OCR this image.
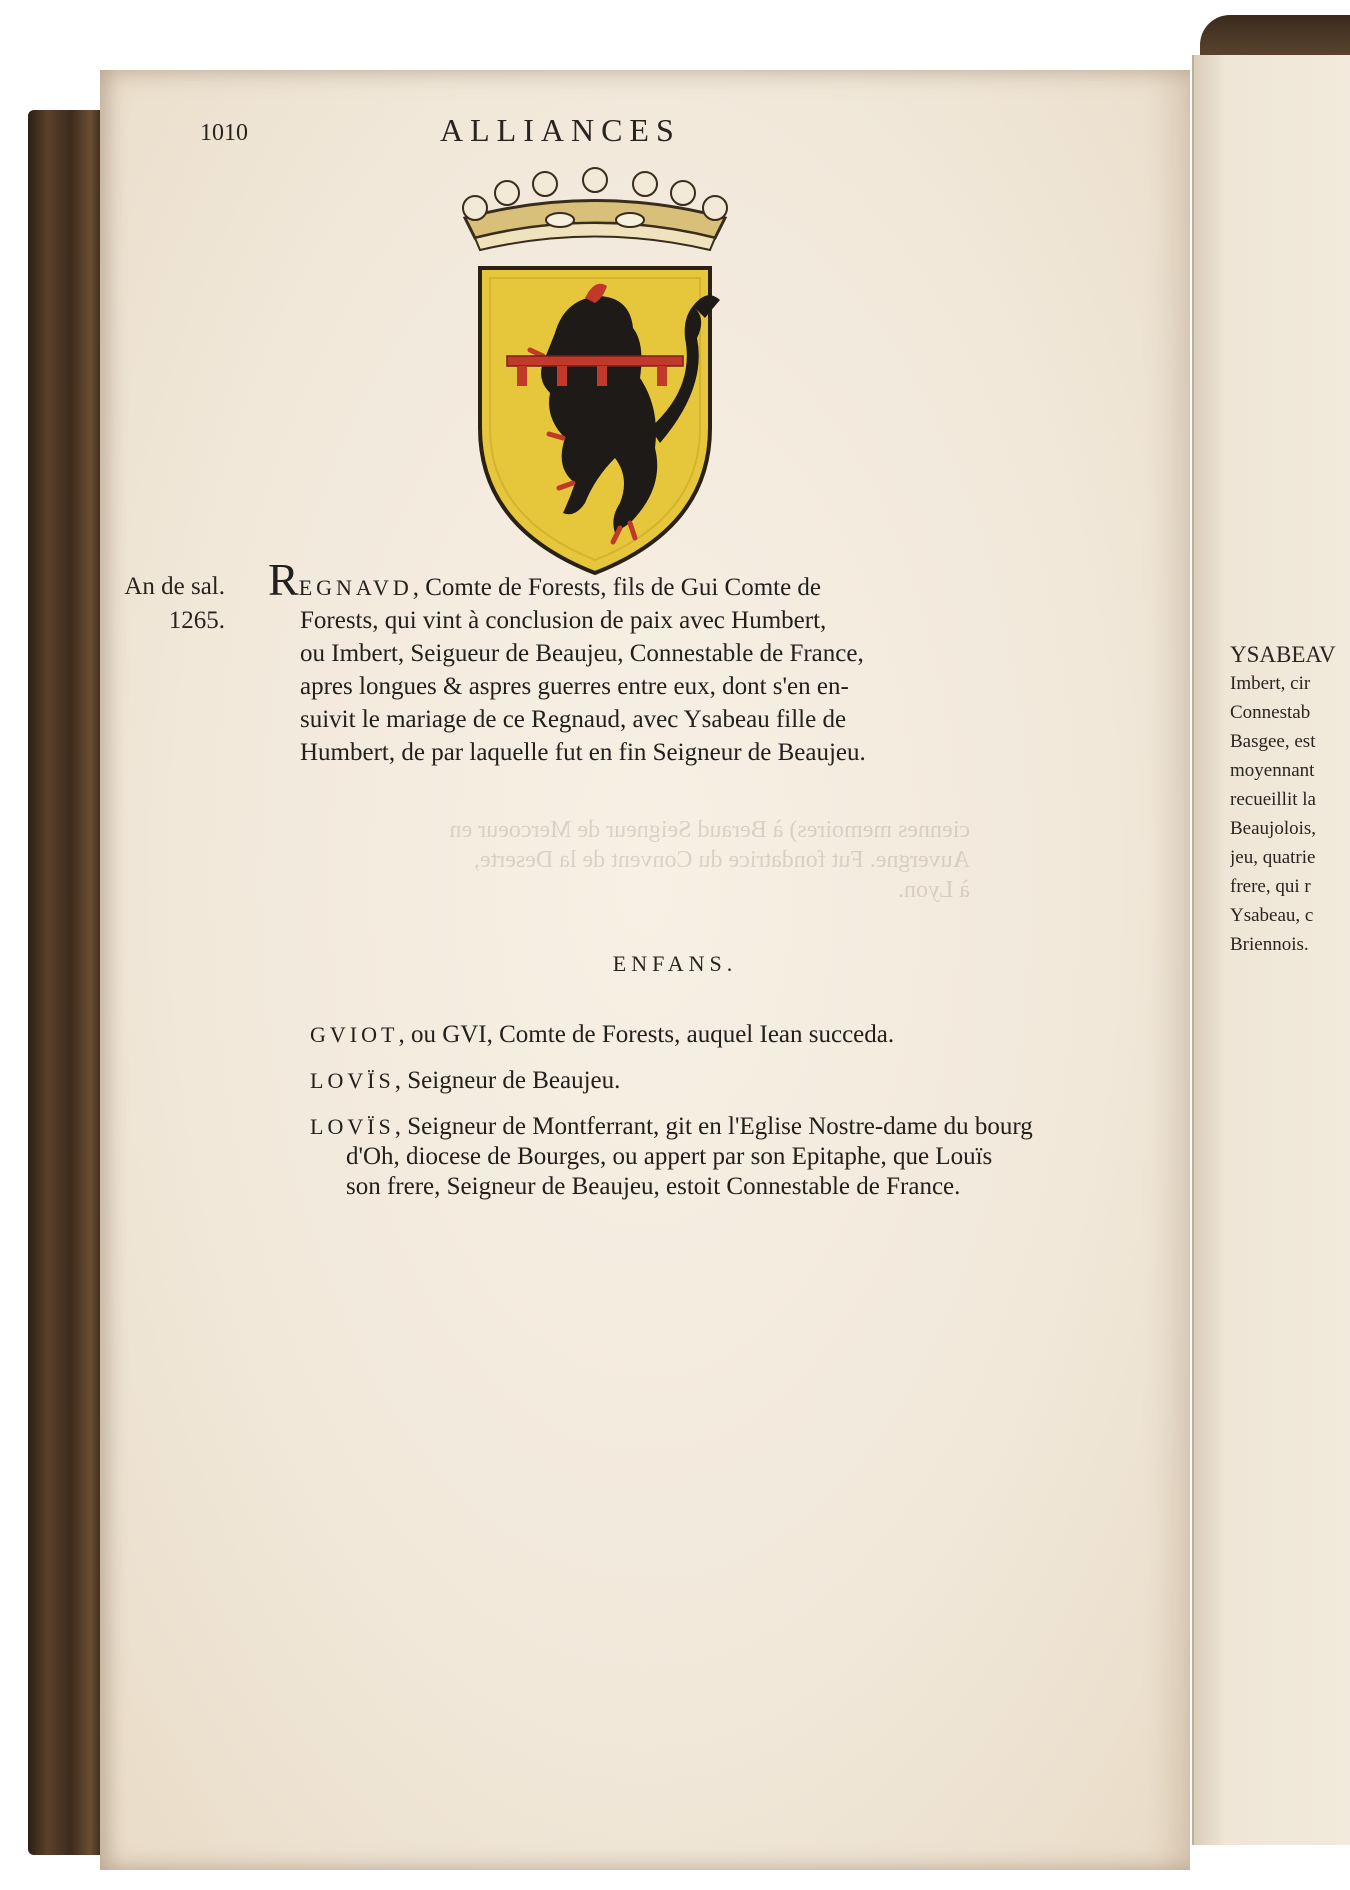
1010	ALLIANCES
An de sal.
1265.
REGNAVD, Comte de Forests, fils de Gui Comte de
Forests, qui vint à conclusion de paix avec Humbert,
ou Imbert, Seigueur de Beaujeu, Connestable de France,
apres longues & aspres guerres entre eux, dont s'en en-
suivit le mariage de ce Regnaud, avec Ysabeau fille de
Humbert, de par laquelle fut en fin Seigneur de Beaujeu.
ciennes memoires) à Beraud Seigneur de Mercoeur en
Auvergne. Fut fondatrice du Convent de la Deserte,
à Lyon.
ENFANS.
GVIOT, ou GVI, Comte de Forests, auquel Iean succeda.
LOVÏS, Seigneur de Beaujeu.
LOVÏS, Seigneur de Montferrant, git en l'Eglise Nostre-dame du bourg
d'Oh, diocese de Bourges, ou appert par son Epitaphe, que Louïs
son frere, Seigneur de Beaujeu, estoit Connestable de France.
YSABEAV
Imbert, cir
Connestab
Basgee, est
moyennant
recueillit la
Beaujolois,
jeu, quatrie
frere, qui r
Ysabeau, c
Briennois.
